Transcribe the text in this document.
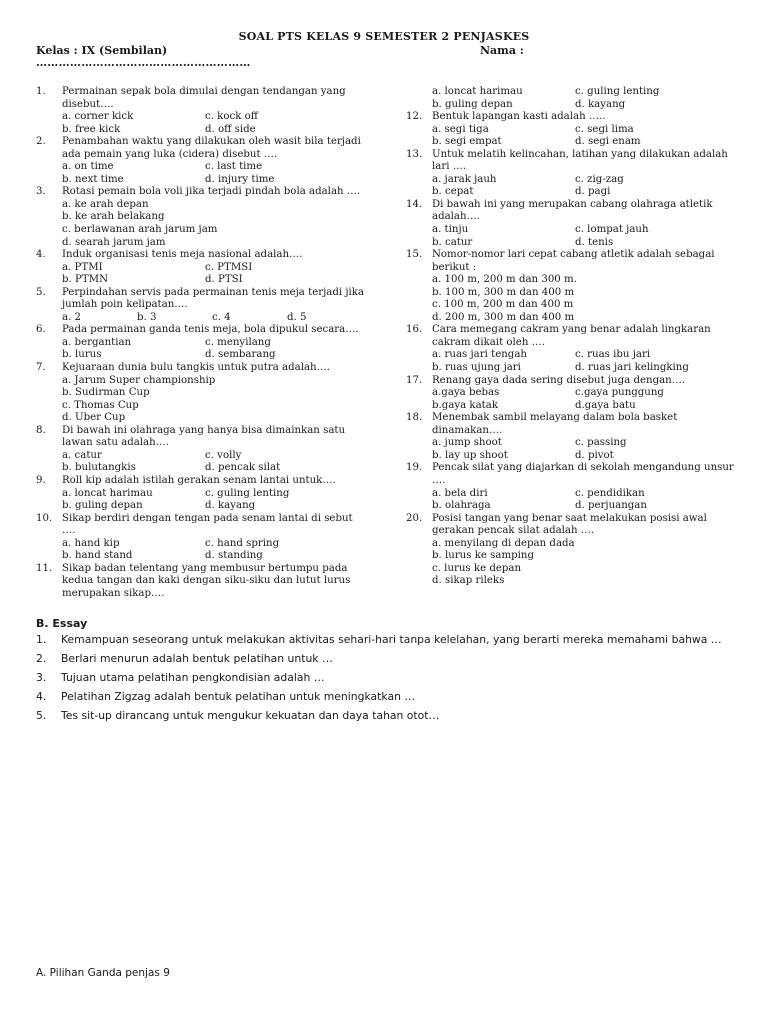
SOAL PTS KELAS 9 SEMESTER 2 PENJASKES
Kelas : IX (Sembilan)	Nama :
…………………………………………………
1. Permainan sepak bola dimulai dengan tendangan yang disebut….
a. corner kick	c. kock off
b. free kick	d. off side
2. Penambahan waktu yang dilakukan oleh wasit bila terjadi ada pemain yang luka (cidera) disebut ….
a. on time	c. last time
b. next time	d. injury time
3. Rotasi pemain bola voli jika terjadi pindah bola adalah ….
a. ke arah depan
b. ke arah belakang
c. berlawanan arah jarum jam
d. searah jarum jam
4. Induk organisasi tenis meja nasional adalah….
a. PTMI	c. PTMSI
b. PTMN	d. PTSI
5. Perpindahan servis pada permainan tenis meja terjadi jika jumlah poin kelipatan….
a. 2	b. 3	c. 4	d. 5
6. Pada permainan ganda tenis meja, bola dipukul secara….
a. bergantian	c. menyilang
b. lurus	d. sembarang
7. Kejuaraan dunia bulu tangkis untuk putra adalah….
a. Jarum Super championship
b. Sudirman Cup
c. Thomas Cup
d. Uber Cup
8. Di bawah ini olahraga yang hanya bisa dimainkan satu lawan satu adalah….
a. catur	c. volly
b. bulutangkis	d. pencak silat
9. Roll kip adalah istilah gerakan senam lantai untuk….
a. loncat harimau	c. guling lenting
b. guling depan	d. kayang
10. Sikap berdiri dengan tengan pada senam lantai di sebut ….
a. hand kip	c. hand spring
b. hand stand	d. standing
11. Sikap badan telentang yang membusur bertumpu pada kedua tangan dan kaki dengan siku-siku dan lutut lurus merupakan sikap….
a. loncat harimau	c. guling lenting
b. guling depan	d. kayang
12. Bentuk lapangan kasti adalah …..
a. segi tiga	c. segi lima
b. segi empat	d. segi enam
13. Untuk melatih kelincahan, latihan yang dilakukan adalah lari ….
a. jarak jauh	c. zig-zag
b. cepat	d. pagi
14. Di bawah ini yang merupakan cabang olahraga atletik adalah….
a. tinju	c. lompat jauh
b. catur	d. tenis
15. Nomor-nomor lari cepat cabang atletik adalah sebagai berikut :
a. 100 m, 200 m dan 300 m.
b. 100 m, 300 m dan 400 m
c. 100 m, 200 m dan 400 m
d. 200 m, 300 m dan 400 m
16. Cara memegang cakram yang benar adalah lingkaran cakram dikait oleh ….
a. ruas jari tengah	c. ruas ibu jari
b. ruas ujung jari	d. ruas jari kelingking
17. Renang gaya dada sering disebut juga dengan….
a.gaya bebas	c.gaya punggung
b.gaya katak	d.gaya batu
18. Menembak sambil melayang dalam bola basket dinamakan….
a. jump shoot	c. passing
b. lay up shoot	d. pivot
19. Pencak silat yang diajarkan di sekolah mengandung unsur ….
a. bela diri	c. pendidikan
b. olahraga	d. perjuangan
20. Posisi tangan yang benar saat melakukan posisi awal gerakan pencak silat adalah ….
a. menyilang di depan dada
b. lurus ke samping
c. lurus ke depan
d. sikap rileks
B. Essay
1. Kemampuan seseorang untuk melakukan aktivitas sehari-hari tanpa kelelahan, yang berarti mereka memahami bahwa …
2. Berlari menurun adalah bentuk pelatihan untuk …
3. Tujuan utama pelatihan pengkondisian adalah …
4. Pelatihan Zigzag adalah bentuk pelatihan untuk meningkatkan …
5. Tes sit-up dirancang untuk mengukur kekuatan dan daya tahan otot…
A. Pilihan Ganda penjas 9
